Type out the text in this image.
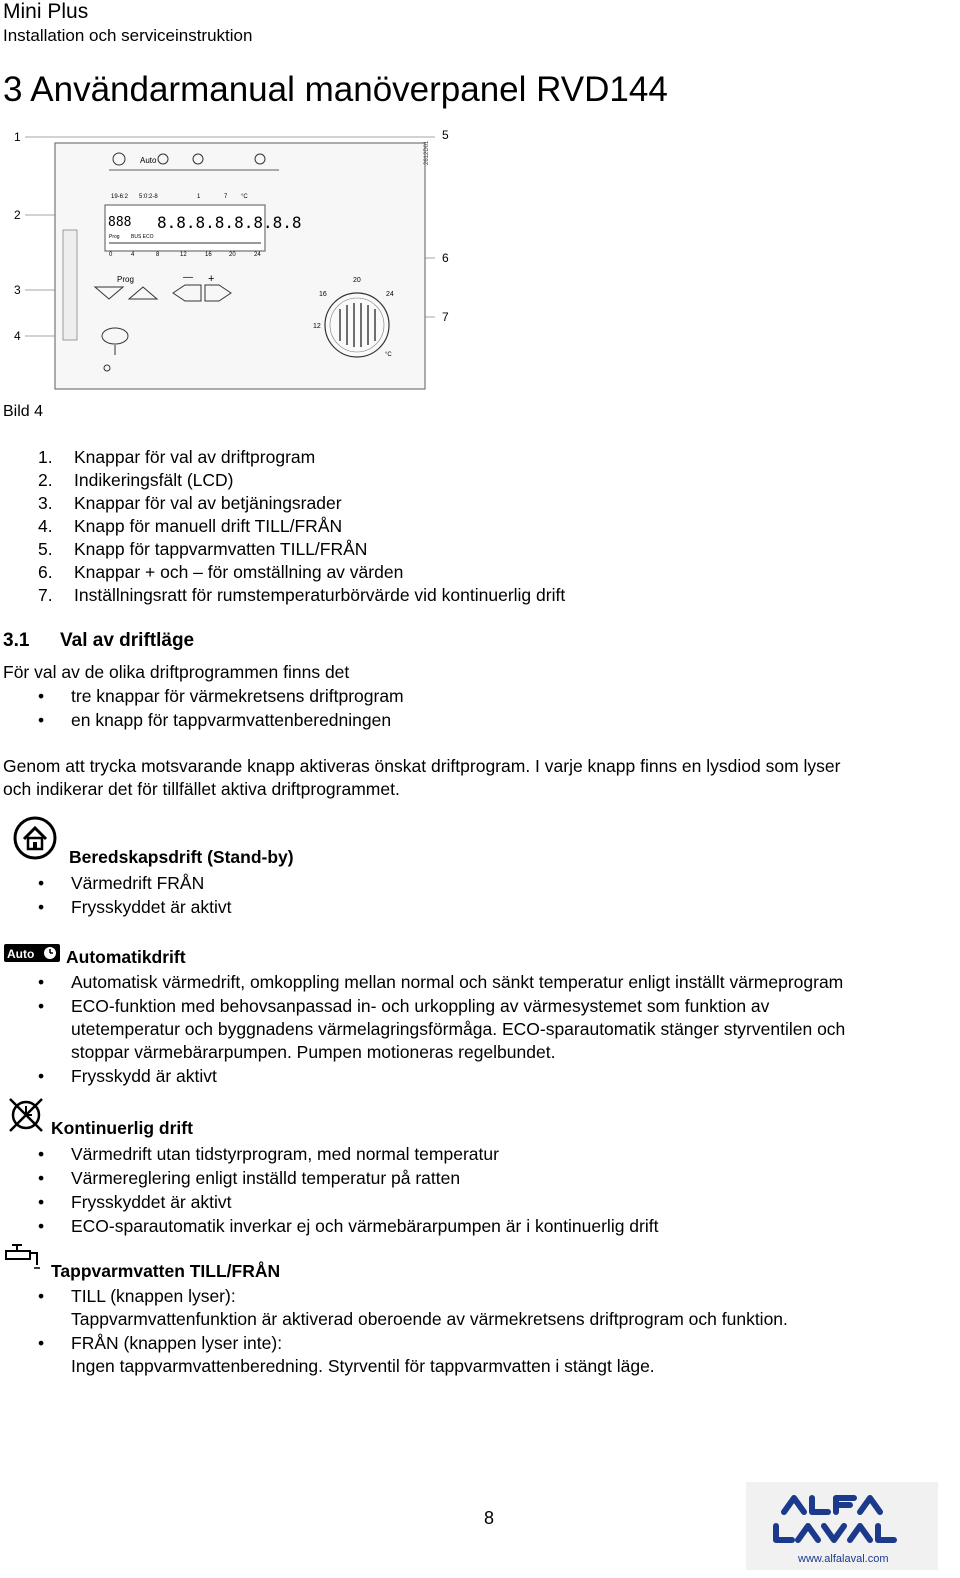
Mini Plus
Installation och serviceinstruktion
3 Användarmanual manöverpanel RVD144
1
2
3
4
5
6
7
2612D01
Auto
19-6:2 5:0:2-8	1	7 °C
888 8.8.8.8.8.8.8.8
Prog BUS ECO
0	4	8	12	16	20	24
Prog	— +	20
16	24
12
°C
Bild 4
1.	Knappar för val av driftprogram
2.	Indikeringsfält (LCD)
3.	Knappar för val av betjäningsrader
4.	Knapp för manuell drift TILL/FRÅN
5.	Knapp för tappvarmvatten TILL/FRÅN
6.	Knappar + och – för omställning av värden
7.	Inställningsratt för rumstemperaturbörvärde vid kontinuerlig drift
3.1 Val av driftläge
För val av de olika driftprogrammen finns det
• tre knappar för värmekretsens driftprogram
• en knapp för tappvarmvattenberedningen
Genom att trycka motsvarande knapp aktiveras önskat driftprogram. I varje knapp finns en lysdiod som lyser
och indikerar det för tillfället aktiva driftprogrammet.
Beredskapsdrift (Stand-by)
• Värmedrift FRÅN
• Frysskyddet är aktivt
Auto Automatikdrift
• Automatisk värmedrift, omkoppling mellan normal och sänkt temperatur enligt inställt värmeprogram
• ECO-funktion med behovsanpassad in- och urkoppling av värmesystemet som funktion av
utetemperatur och byggnadens värmelagringsförmåga. ECO-sparautomatik stänger styrventilen och
stoppar värmebärarpumpen. Pumpen motioneras regelbundet.
• Frysskydd är aktivt
Kontinuerlig drift
• Värmedrift utan tidstyrprogram, med normal temperatur
• Värmereglering enligt inställd temperatur på ratten
• Frysskyddet är aktivt
• ECO-sparautomatik inverkar ej och värmebärarpumpen är i kontinuerlig drift
Tappvarmvatten TILL/FRÅN
• TILL (knappen lyser):
Tappvarmvattenfunktion är aktiverad oberoende av värmekretsens driftprogram och funktion.
• FRÅN (knappen lyser inte):
Ingen tappvarmvattenberedning. Styrventil för tappvarmvatten i stängt läge.
8
www.alfalaval.com
